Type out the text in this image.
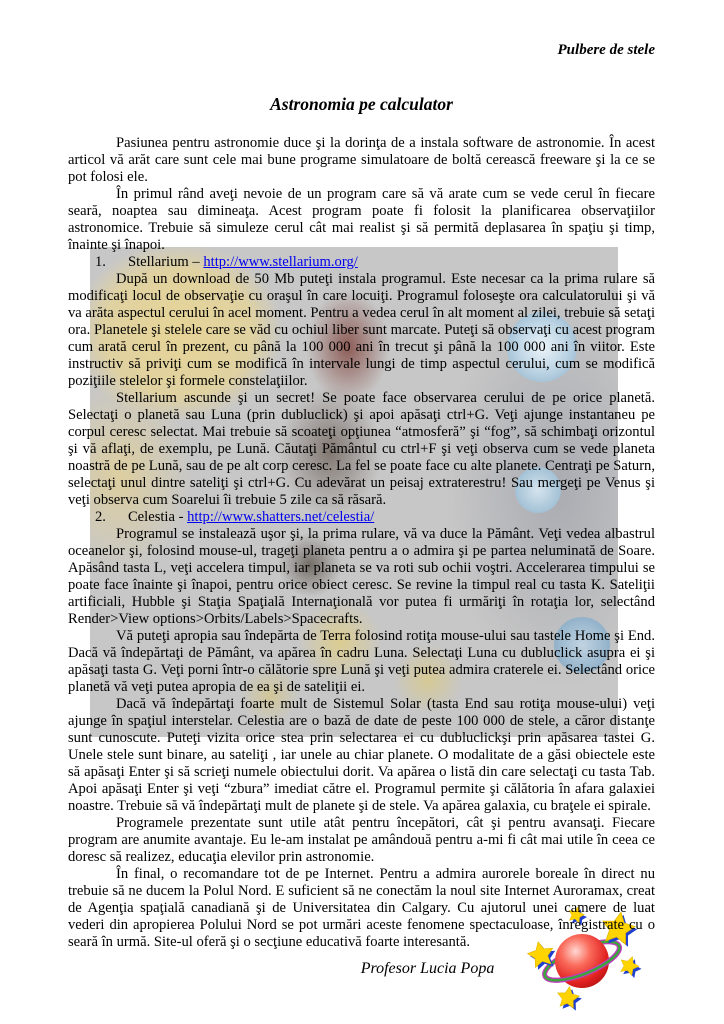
Pulbere de stele
Astronomia pe calculator

Pasiunea pentru astronomie duce şi la dorinţa de a instala software de astronomie. În acest articol vă arăt care sunt cele mai bune programe simulatoare de boltă cerească freeware şi la ce se pot folosi ele.

În primul rând aveţi nevoie de un program care să vă arate cum se vede cerul în fiecare seară, noaptea sau dimineaţa. Acest program poate fi folosit la planificarea observaţiilor astronomice. Trebuie să simuleze cerul cât mai realist şi să permită deplasarea în spaţiu şi timp, înainte şi înapoi.

1. Stellarium – http://www.stellarium.org/

După un download de 50 Mb puteţi instala programul. Este necesar ca la prima rulare să modificaţi locul de observaţie cu oraşul în care locuiţi. Programul foloseşte ora calculatorului şi vă va arăta aspectul cerului în acel moment. Pentru a vedea cerul în alt moment al zilei, trebuie să setaţi ora. Planetele şi stelele care se văd cu ochiul liber sunt marcate. Puteţi să observaţi cu acest program cum arată cerul în prezent, cu până la 100 000 ani în trecut şi până la 100 000 ani în viitor. Este instructiv să priviţi cum se modifică în intervale lungi de timp aspectul cerului, cum se modifică poziţiile stelelor şi formele constelaţiilor.

Stellarium ascunde şi un secret! Se poate face observarea cerului de pe orice planetă. Selectaţi o planetă sau Luna (prin dubluclick) şi apoi apăsaţi ctrl+G. Veţi ajunge instantaneu pe corpul ceresc selectat. Mai trebuie să scoateţi opţiunea “atmosferă” şi “fog”, să schimbaţi orizontul şi vă aflaţi, de exemplu, pe Lună. Căutaţi Pământul cu ctrl+F şi veţi observa cum se vede planeta noastră de pe Lună, sau de pe alt corp ceresc. La fel se poate face cu alte planete. Centraţi pe Saturn, selectaţi unul dintre sateliţi şi ctrl+G. Cu adevărat un peisaj extraterestru! Sau mergeţi pe Venus şi veţi observa cum Soarelui îi trebuie 5 zile ca să răsară.

2. Celestia - http://www.shatters.net/celestia/

Programul se instalează uşor şi, la prima rulare, vă va duce la Pământ. Veţi vedea albastrul oceanelor şi, folosind mouse-ul, trageţi planeta pentru a o admira şi pe partea neluminată de Soare. Apăsând tasta L, veţi accelera timpul, iar planeta se va roti sub ochii voştri. Accelerarea timpului se poate face înainte şi înapoi, pentru orice obiect ceresc. Se revine la timpul real cu tasta K. Sateliţii artificiali, Hubble şi Staţia Spaţială Internaţională vor putea fi urmăriţi în rotaţia lor, selectând Render>View options>Orbits/Labels>Spacecrafts.

Vă puteţi apropia sau îndepărta de Terra folosind rotiţa mouse-ului sau tastele Home şi End. Dacă vă îndepărtaţi de Pământ, va apărea în cadru Luna. Selectaţi Luna cu dubluclick asupra ei şi apăsaţi tasta G. Veţi porni într-o călătorie spre Lună şi veţi putea admira craterele ei. Selectând orice planetă vă veţi putea apropia de ea şi de sateliţii ei.

Dacă vă îndepărtaţi foarte mult de Sistemul Solar (tasta End sau rotiţa mouse-ului) veţi ajunge în spaţiul interstelar. Celestia are o bază de date de peste 100 000 de stele, a căror distanţe sunt cunoscute. Puteţi vizita orice stea prin selectarea ei cu dubluclickşi prin apăsarea tastei G. Unele stele sunt binare, au sateliţi , iar unele au chiar planete. O modalitate de a găsi obiectele este să apăsaţi Enter şi să scrieţi numele obiectului dorit. Va apărea o listă din care selectaţi cu tasta Tab. Apoi apăsaţi Enter şi veţi “zbura” imediat către el. Programul permite şi călătoria în afara galaxiei noastre. Trebuie să vă îndepărtaţi mult de planete şi de stele. Va apărea galaxia, cu braţele ei spirale.

Programele prezentate sunt utile atât pentru începători, cât şi pentru avansaţi. Fiecare program are anumite avantaje. Eu le-am instalat pe amândouă pentru a-mi fi cât mai utile în ceea ce doresc să realizez, educaţia elevilor prin astronomie.

În final, o recomandare tot de pe Internet. Pentru a admira aurorele boreale în direct nu trebuie să ne ducem la Polul Nord. E suficient să ne conectăm la noul site Internet Auroramax, creat de Agenţia spaţială canadiană şi de Universitatea din Calgary. Cu ajutorul unei camere de luat vederi din apropierea Polului Nord se pot urmări aceste fenomene spectaculoase, înregistrate cu o seară în urmă. Site-ul oferă şi o secţiune educativă foarte interesantă.

Profesor Lucia Popa
